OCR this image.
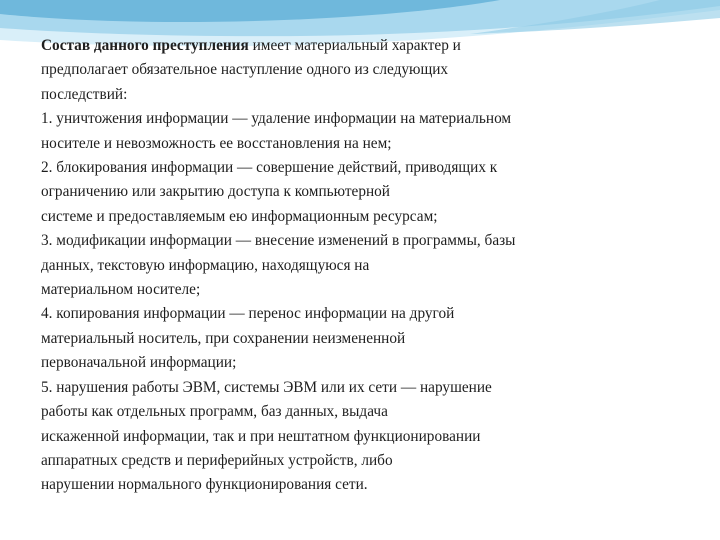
Состав данного преступления имеет материальный характер и

предполагает обязательное наступление одного из следующих

последствий:

1. уничтожения информации — удаление информации на материальном

носителе и невозможность ее восстановления на нем;

2. блокирования информации — совершение действий, приводящих к

ограничению или закрытию доступа к компьютерной

системе и предоставляемым ею информационным ресурсам;

3. модификации информации — внесение изменений в программы, базы

данных, текстовую информацию, находящуюся на

материальном носителе;

4. копирования информации — перенос информации на другой

материальный носитель, при сохранении неизмененной

первоначальной информации;

5. нарушения работы ЭВМ, системы ЭВМ или их сети — нарушение

работы как отдельных программ, баз данных, выдача

искаженной информации, так и при нештатном функционировании

аппаратных средств и периферийных устройств, либо

нарушении нормального функционирования сети.
